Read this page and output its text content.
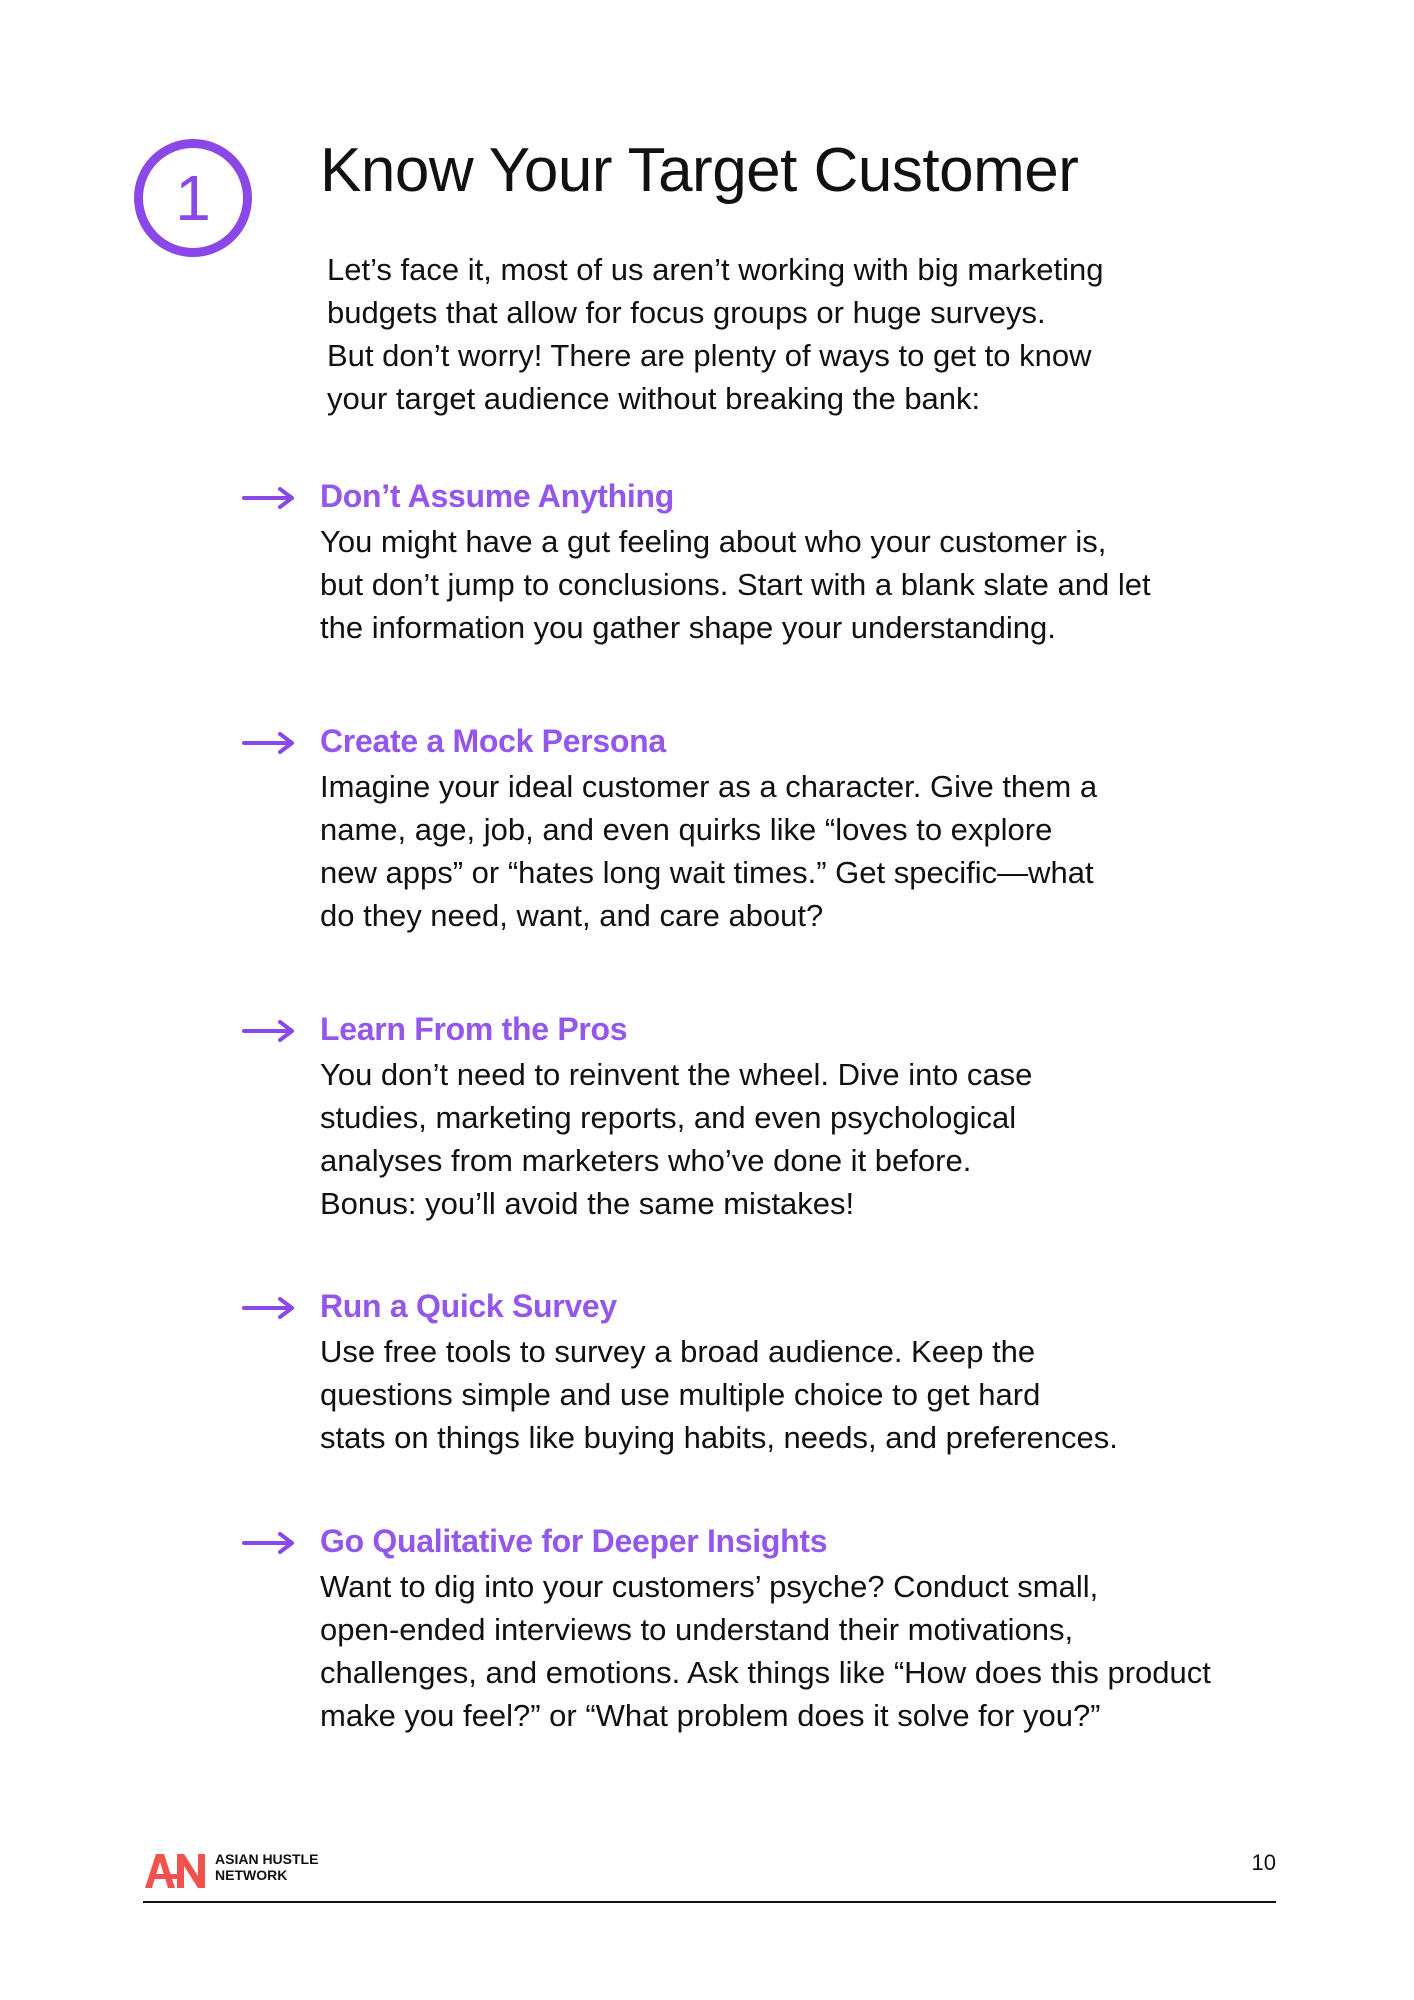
1 Know Your Target Customer

Let’s face it, most of us aren’t working with big marketing
budgets that allow for focus groups or huge surveys.
But don’t worry! There are plenty of ways to get to know
your target audience without breaking the bank:

Don’t Assume Anything

You might have a gut feeling about who your customer is,
but don’t jump to conclusions. Start with a blank slate and let
the information you gather shape your understanding.

Create a Mock Persona

Imagine your ideal customer as a character. Give them a
name, age, job, and even quirks like “loves to explore
new apps” or “hates long wait times.” Get specific—what
do they need, want, and care about?

Learn From the Pros

You don’t need to reinvent the wheel. Dive into case
studies, marketing reports, and even psychological
analyses from marketers who’ve done it before.
Bonus: you’ll avoid the same mistakes!

Run a Quick Survey

Use free tools to survey a broad audience. Keep the
questions simple and use multiple choice to get hard
stats on things like buying habits, needs, and preferences.

Go Qualitative for Deeper Insights

Want to dig into your customers’ psyche? Conduct small,
open-ended interviews to understand their motivations,
challenges, and emotions. Ask things like “How does this product
make you feel?” or “What problem does it solve for you?”

ASIAN HUSTLE
NETWORK	10
